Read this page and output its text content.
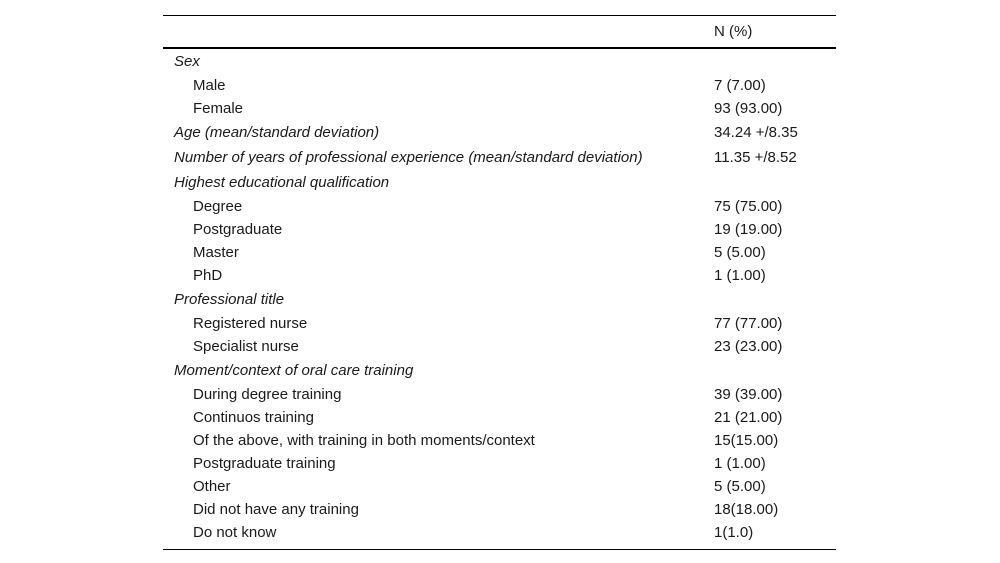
N (%)
Sex
Male	7 (7.00)
Female	93 (93.00)
Age (mean/standard deviation)	34.24 +/8.35
Number of years of professional experience (mean/standard deviation)	11.35 +/8.52
Highest educational qualification
Degree	75 (75.00)
Postgraduate	19 (19.00)
Master	5 (5.00)
PhD	1 (1.00)
Professional title
Registered nurse	77 (77.00)
Specialist nurse	23 (23.00)
Moment/context of oral care training
During degree training	39 (39.00)
Continuos training	21 (21.00)
Of the above, with training in both moments/context	15(15.00)
Postgraduate training	1 (1.00)
Other	5 (5.00)
Did not have any training	18(18.00)
Do not know	1(1.0)
